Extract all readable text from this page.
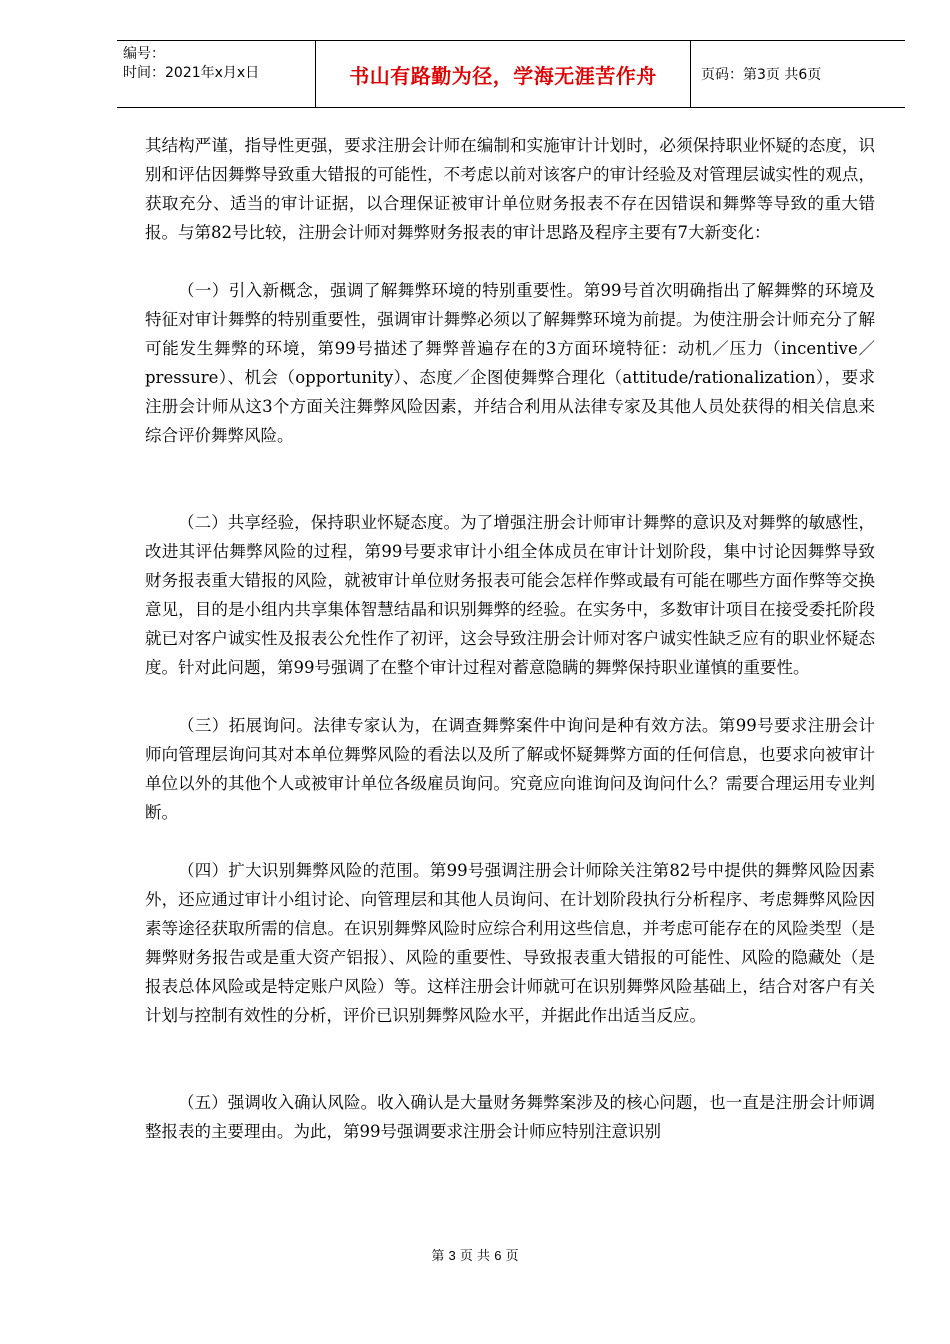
编号：
时间：2021年x月x日	书山有路勤为径，学海无涯苦作舟	页码：第3页 共6页

其结构严谨，指导性更强，要求注册会计师在编制和实施审计计划时，必须保持职业怀疑的态度，识别和评估因舞弊导致重大错报的可能性，不考虑以前对该客户的审计经验及对管理层诚实性的观点，获取充分、适当的审计证据，以合理保证被审计单位财务报表不存在因错误和舞弊等导致的重大错报。与第82号比较，注册会计师对舞弊财务报表的审计思路及程序主要有7大新变化：

（一）引入新概念，强调了解舞弊环境的特别重要性。第99号首次明确指出了解舞弊的环境及特征对审计舞弊的特别重要性，强调审计舞弊必须以了解舞弊环境为前提。为使注册会计师充分了解可能发生舞弊的环境，第99号描述了舞弊普遍存在的3方面环境特征：动机／压力（incentive／pressure）、机会（opportunity）、态度／企图使舞弊合理化（attitude/rationalization），要求注册会计师从这3个方面关注舞弊风险因素，并结合利用从法律专家及其他人员处获得的相关信息来综合评价舞弊风险。

（二）共享经验，保持职业怀疑态度。为了增强注册会计师审计舞弊的意识及对舞弊的敏感性，改进其评估舞弊风险的过程，第99号要求审计小组全体成员在审计计划阶段，集中讨论因舞弊导致财务报表重大错报的风险，就被审计单位财务报表可能会怎样作弊或最有可能在哪些方面作弊等交换意见，目的是小组内共享集体智慧结晶和识别舞弊的经验。在实务中，多数审计项目在接受委托阶段就已对客户诚实性及报表公允性作了初评，这会导致注册会计师对客户诚实性缺乏应有的职业怀疑态度。针对此问题，第99号强调了在整个审计过程对蓄意隐瞒的舞弊保持职业谨慎的重要性。

（三）拓展询问。法律专家认为，在调查舞弊案件中询问是种有效方法。第99号要求注册会计师向管理层询问其对本单位舞弊风险的看法以及所了解或怀疑舞弊方面的任何信息，也要求向被审计单位以外的其他个人或被审计单位各级雇员询问。究竟应向谁询问及询问什么？需要合理运用专业判断。

（四）扩大识别舞弊风险的范围。第99号强调注册会计师除关注第82号中提供的舞弊风险因素外，还应通过审计小组讨论、向管理层和其他人员询问、在计划阶段执行分析程序、考虑舞弊风险因素等途径获取所需的信息。在识别舞弊风险时应综合利用这些信息，并考虑可能存在的风险类型（是舞弊财务报告或是重大资产铝报）、风险的重要性、导致报表重大错报的可能性、风险的隐藏处（是报表总体风险或是特定账户风险）等。这样注册会计师就可在识别舞弊风险基础上，结合对客户有关计划与控制有效性的分析，评价已识别舞弊风险水平，并据此作出适当反应。

（五）强调收入确认风险。收入确认是大量财务舞弊案涉及的核心问题，也一直是注册会计师调整报表的主要理由。为此，第99号强调要求注册会计师应特别注意识别

第 3 页 共 6 页
